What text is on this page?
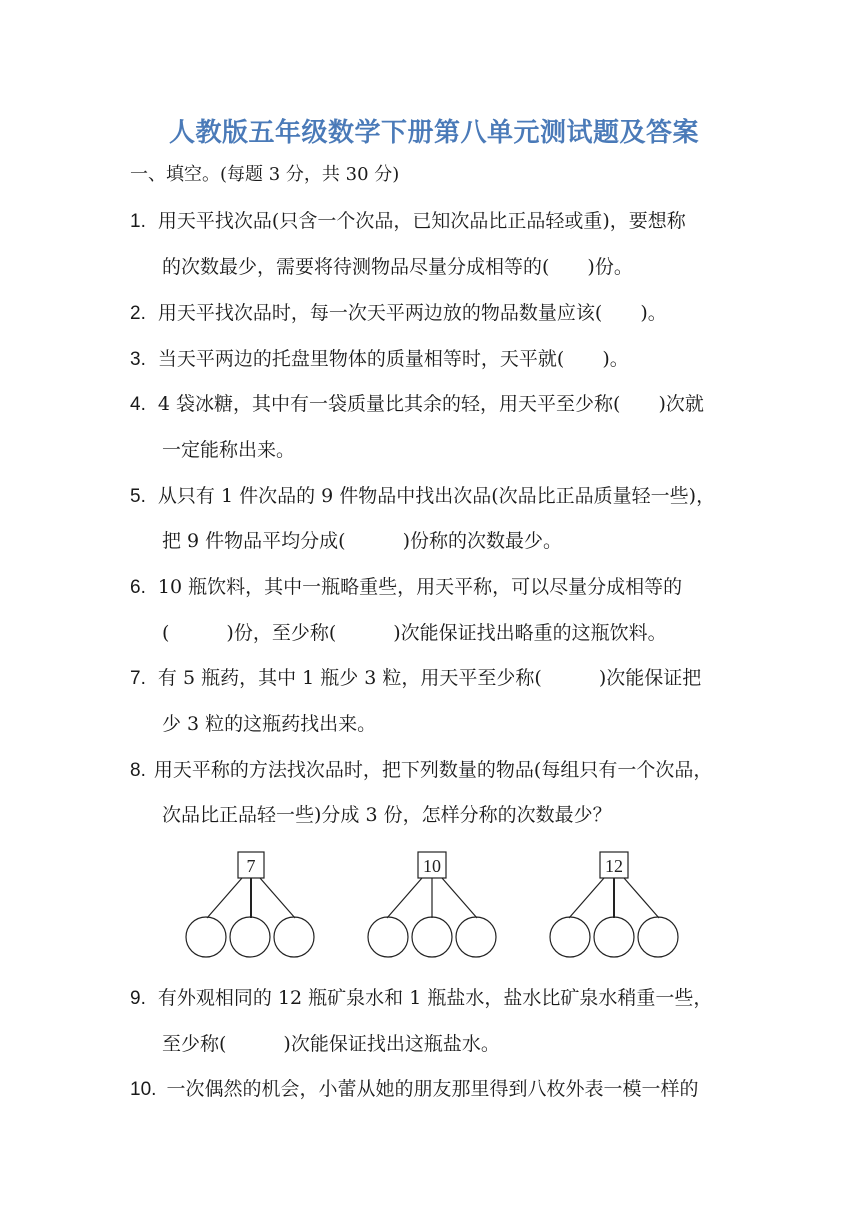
人教版五年级数学下册第八单元测试题及答案
一、填空。(每题 3 分，共 30 分)
1. 用天平找次品(只含一个次品，已知次品比正品轻或重)，要想称
的次数最少，需要将待测物品尽量分成相等的(　　)份。
2. 用天平找次品时，每一次天平两边放的物品数量应该(　　)。
3. 当天平两边的托盘里物体的质量相等时，天平就(　　)。
4. 4 袋冰糖，其中有一袋质量比其余的轻，用天平至少称(　　)次就
一定能称出来。
5. 从只有 1 件次品的 9 件物品中找出次品(次品比正品质量轻一些)，
把 9 件物品平均分成(　　　)份称的次数最少。
6. 10 瓶饮料，其中一瓶略重些，用天平称，可以尽量分成相等的
(　　　)份，至少称(　　　)次能保证找出略重的这瓶饮料。
7. 有 5 瓶药，其中 1 瓶少 3 粒，用天平至少称(　　　)次能保证把
少 3 粒的这瓶药找出来。
8. 用天平称的方法找次品时，把下列数量的物品(每组只有一个次品，
次品比正品轻一些)分成 3 份，怎样分称的次数最少？
7	10	12
9. 有外观相同的 12 瓶矿泉水和 1 瓶盐水，盐水比矿泉水稍重一些，
至少称(　　　)次能保证找出这瓶盐水。
10. 一次偶然的机会，小蕾从她的朋友那里得到八枚外表一模一样的
